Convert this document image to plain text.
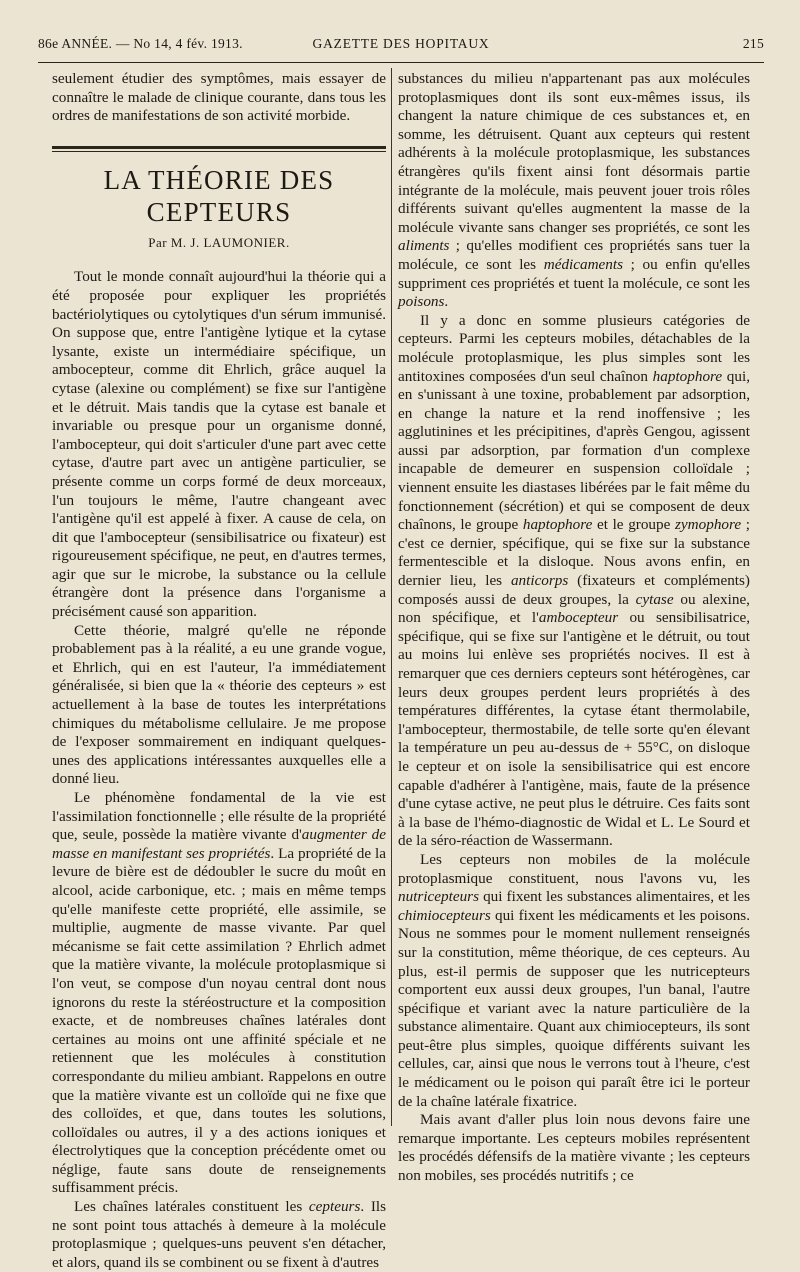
86e ANNÉE. — No 14, 4 fév. 1913.	GAZETTE DES HOPITAUX	215

seulement étudier des symptômes, mais essayer de connaître le malade de clinique courante, dans tous les ordres de manifestations de son activité morbide.

LA THÉORIE DES CEPTEURS
Par M. J. LAUMONIER.

Tout le monde connaît aujourd'hui la théorie qui a été proposée pour expliquer les propriétés bactériolytiques ou cytolytiques d'un sérum immunisé. On suppose que, entre l'antigène lytique et la cytase lysante, existe un intermédiaire spécifique, un ambocepteur, comme dit Ehrlich, grâce auquel la cytase (alexine ou complément) se fixe sur l'antigène et le détruit. Mais tandis que la cytase est banale et invariable ou presque pour un organisme donné, l'ambocepteur, qui doit s'articuler d'une part avec cette cytase, d'autre part avec un antigène particulier, se présente comme un corps formé de deux morceaux, l'un toujours le même, l'autre changeant avec l'antigène qu'il est appelé à fixer. A cause de cela, on dit que l'ambocepteur (sensibilisatrice ou fixateur) est rigoureusement spécifique, ne peut, en d'autres termes, agir que sur le microbe, la substance ou la cellule étrangère dont la présence dans l'organisme a précisément causé son apparition.

Cette théorie, malgré qu'elle ne réponde probablement pas à la réalité, a eu une grande vogue, et Ehrlich, qui en est l'auteur, l'a immédiatement généralisée, si bien que la « théorie des cepteurs » est actuellement à la base de toutes les interprétations chimiques du métabolisme cellulaire. Je me propose de l'exposer sommairement en indiquant quelques-unes des applications intéressantes auxquelles elle a donné lieu.

Le phénomène fondamental de la vie est l'assimilation fonctionnelle ; elle résulte de la propriété que, seule, possède la matière vivante d'augmenter de masse en manifestant ses propriétés. La propriété de la levure de bière est de dédoubler le sucre du moût en alcool, acide carbonique, etc. ; mais en même temps qu'elle manifeste cette propriété, elle assimile, se multiplie, augmente de masse vivante. Par quel mécanisme se fait cette assimilation ? Ehrlich admet que la matière vivante, la molécule protoplasmique si l'on veut, se compose d'un noyau central dont nous ignorons du reste la stéréostructure et la composition exacte, et de nombreuses chaînes latérales dont certaines au moins ont une affinité spéciale et ne retiennent que les molécules à constitution correspondante du milieu ambiant. Rappelons en outre que la matière vivante est un colloïde qui ne fixe que des colloïdes, et que, dans toutes les solutions, colloïdales ou autres, il y a des actions ioniques et électrolytiques que la conception précédente omet ou néglige, faute sans doute de renseignements suffisamment précis.

Les chaînes latérales constituent les cepteurs. Ils ne sont point tous attachés à demeure à la molécule protoplasmique ; quelques-uns peuvent s'en détacher, et alors, quand ils se combinent ou se fixent à d'autres

substances du milieu n'appartenant pas aux molécules protoplasmiques dont ils sont eux-mêmes issus, ils changent la nature chimique de ces substances et, en somme, les détruisent. Quant aux cepteurs qui restent adhérents à la molécule protoplasmique, les substances étrangères qu'ils fixent ainsi font désormais partie intégrante de la molécule, mais peuvent jouer trois rôles différents suivant qu'elles augmentent la masse de la molécule vivante sans changer ses propriétés, ce sont les aliments ; qu'elles modifient ces propriétés sans tuer la molécule, ce sont les médicaments ; ou enfin qu'elles suppriment ces propriétés et tuent la molécule, ce sont les poisons.

Il y a donc en somme plusieurs catégories de cepteurs. Parmi les cepteurs mobiles, détachables de la molécule protoplasmique, les plus simples sont les antitoxines composées d'un seul chaînon haptophore qui, en s'unissant à une toxine, probablement par adsorption, en change la nature et la rend inoffensive ; les agglutinines et les précipitines, d'après Gengou, agissent aussi par adsorption, par formation d'un complexe incapable de demeurer en suspension colloïdale ; viennent ensuite les diastases libérées par le fait même du fonctionnement (sécrétion) et qui se composent de deux chaînons, le groupe haptophore et le groupe zymophore ; c'est ce dernier, spécifique, qui se fixe sur la substance fermentescible et la disloque. Nous avons enfin, en dernier lieu, les anticorps (fixateurs et compléments) composés aussi de deux groupes, la cytase ou alexine, non spécifique, et l'ambocepteur ou sensibilisatrice, spécifique, qui se fixe sur l'antigène et le détruit, ou tout au moins lui enlève ses propriétés nocives. Il est à remarquer que ces derniers cepteurs sont hétérogènes, car leurs deux groupes perdent leurs propriétés à des températures différentes, la cytase étant thermolabile, l'ambocepteur, thermostabile, de telle sorte qu'en élevant la température un peu au-dessus de + 55°C, on disloque le cepteur et on isole la sensibilisatrice qui est encore capable d'adhérer à l'antigène, mais, faute de la présence d'une cytase active, ne peut plus le détruire. Ces faits sont à la base de l'hémo-diagnostic de Widal et L. Le Sourd et de la séro-réaction de Wassermann.

Les cepteurs non mobiles de la molécule protoplasmique constituent, nous l'avons vu, les nutricepteurs qui fixent les substances alimentaires, et les chimiocepteurs qui fixent les médicaments et les poisons. Nous ne sommes pour le moment nullement renseignés sur la constitution, même théorique, de ces cepteurs. Au plus, est-il permis de supposer que les nutricepteurs comportent eux aussi deux groupes, l'un banal, l'autre spécifique et variant avec la nature particulière de la substance alimentaire. Quant aux chimiocepteurs, ils sont peut-être plus simples, quoique différents suivant les cellules, car, ainsi que nous le verrons tout à l'heure, c'est le médicament ou le poison qui paraît être ici le porteur de la chaîne latérale fixatrice.

Mais avant d'aller plus loin nous devons faire une remarque importante. Les cepteurs mobiles représentent les procédés défensifs de la matière vivante ; les cepteurs non mobiles, ses procédés nutritifs ; ce
